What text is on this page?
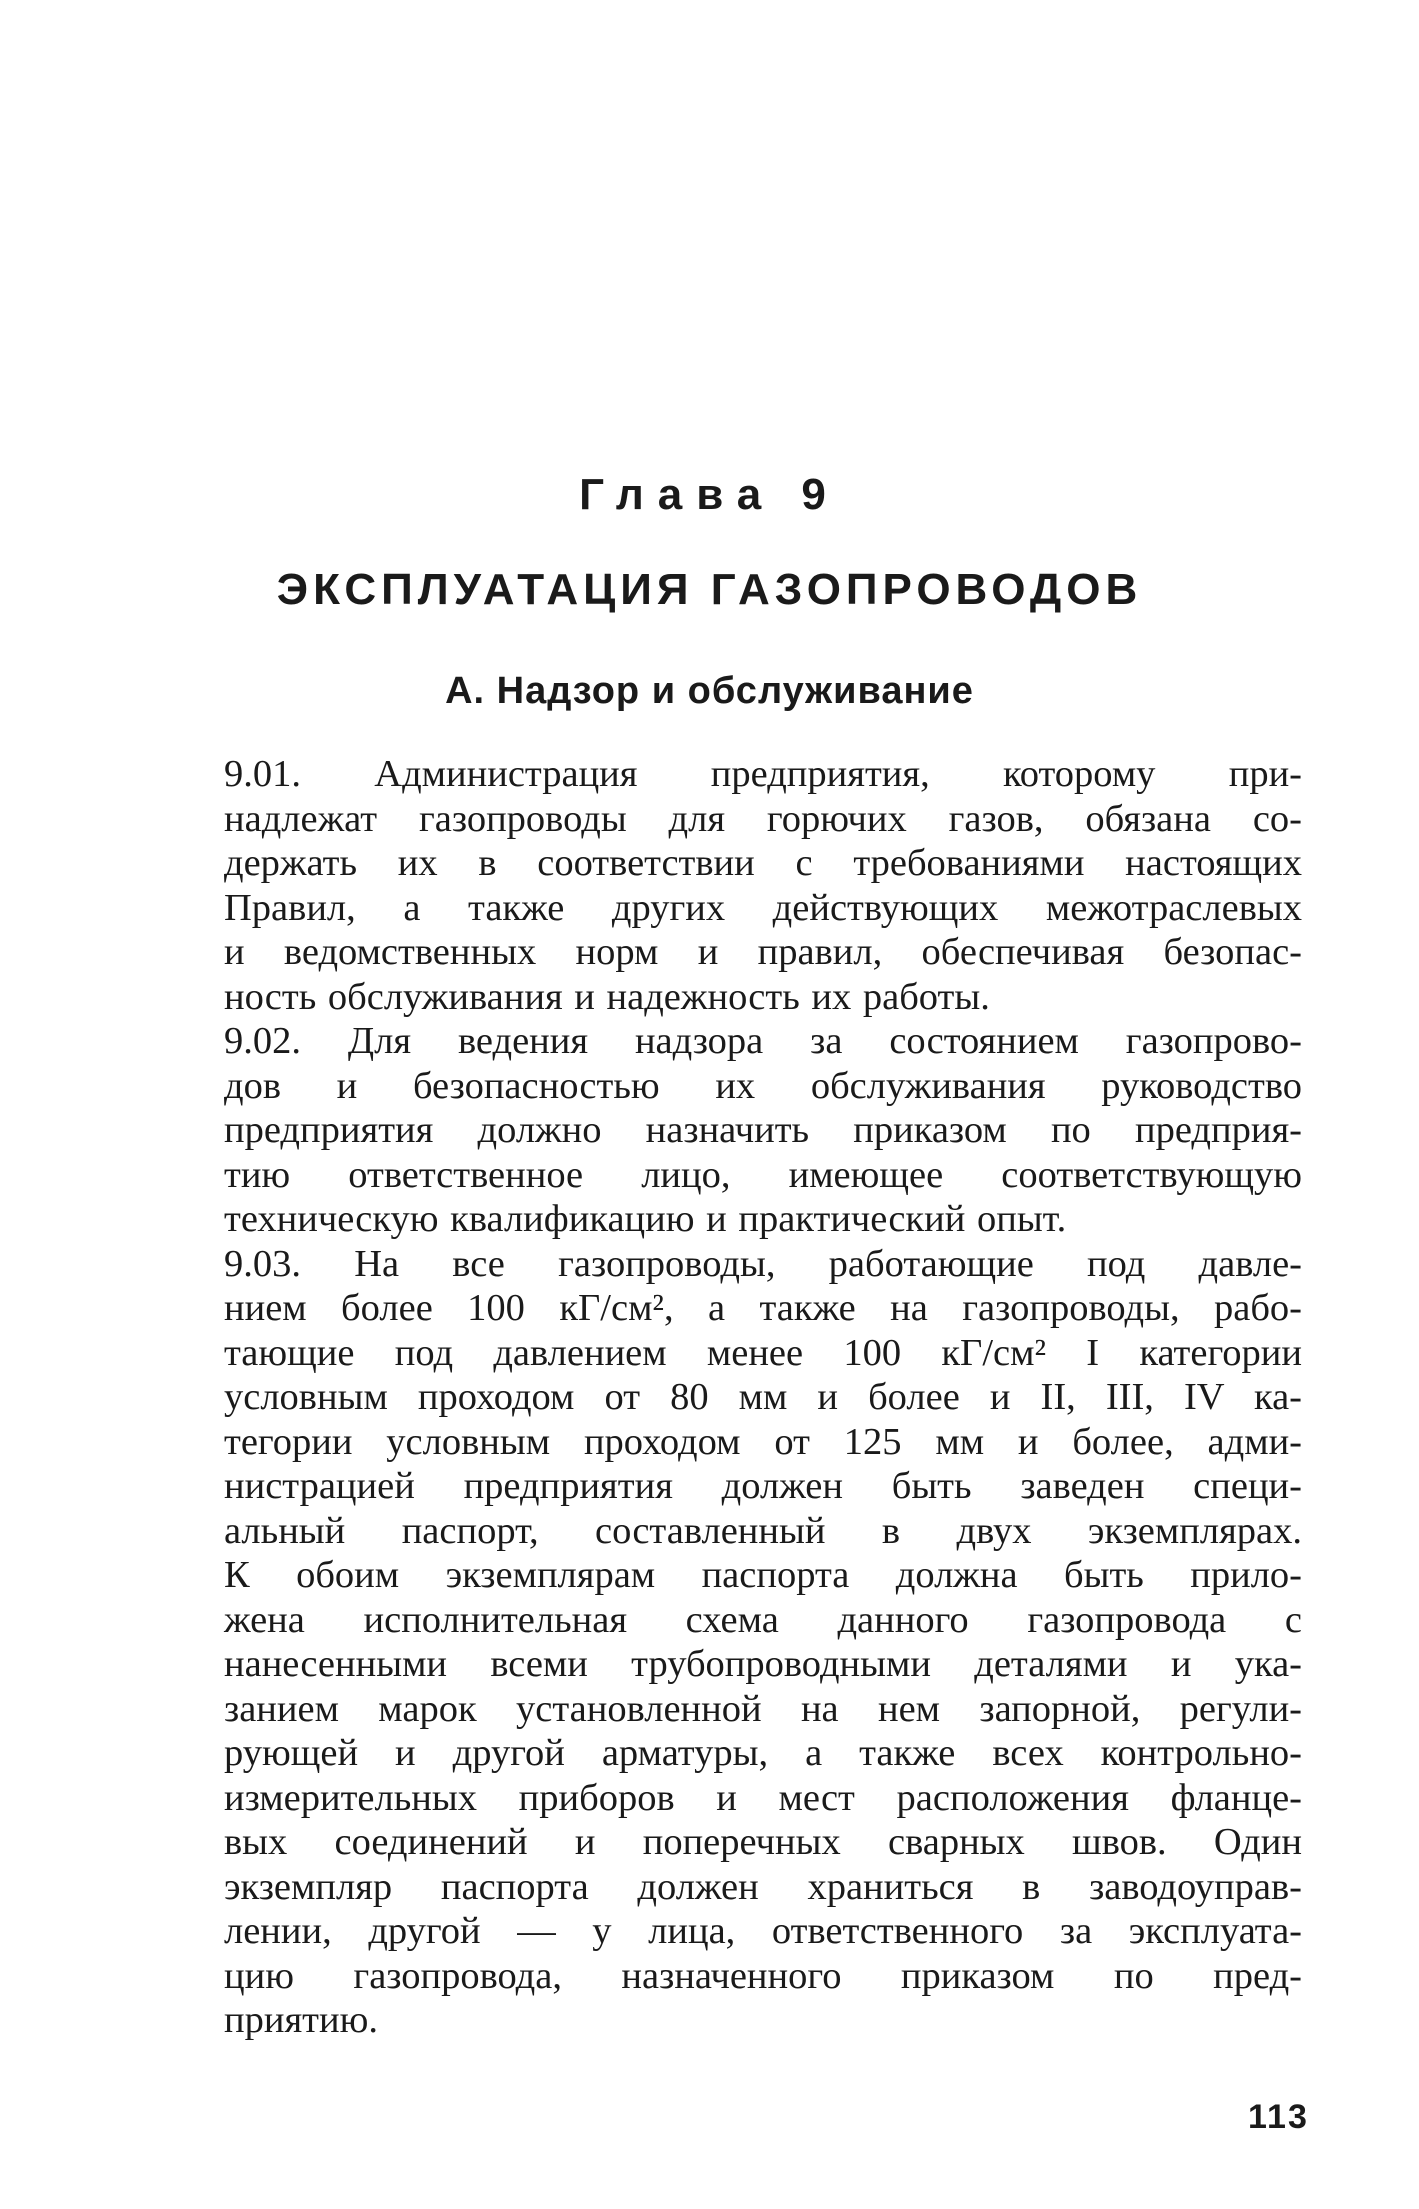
Глава 9
ЭКСПЛУАТАЦИЯ ГАЗОПРОВОДОВ
А. Надзор и обслуживание
9.01. Администрация предприятия, которому при-
надлежат газопроводы для горючих газов, обязана со-
держать их в соответствии с требованиями настоящих
Правил, а также других действующих межотраслевых
и ведомственных норм и правил, обеспечивая безопас-
ность обслуживания и надежность их работы.
9.02. Для ведения надзора за состоянием газопрово-
дов и безопасностью их обслуживания руководство
предприятия должно назначить приказом по предприя-
тию ответственное лицо, имеющее соответствующую
техническую квалификацию и практический опыт.
9.03. На все газопроводы, работающие под давле-
нием более 100 кГ/см², а также на газопроводы, рабо-
тающие под давлением менее 100 кГ/см² I категории
условным проходом от 80 мм и более и II, III, IV ка-
тегории условным проходом от 125 мм и более, адми-
нистрацией предприятия должен быть заведен специ-
альный паспорт, составленный в двух экземплярах.
К обоим экземплярам паспорта должна быть прило-
жена исполнительная схема данного газопровода с
нанесенными всеми трубопроводными деталями и ука-
занием марок установленной на нем запорной, регули-
рующей и другой арматуры, а также всех контрольно-
измерительных приборов и мест расположения фланце-
вых соединений и поперечных сварных швов. Один
экземпляр паспорта должен храниться в заводоуправ-
лении, другой — у лица, ответственного за эксплуата-
цию газопровода, назначенного приказом по пред-
приятию.
113
